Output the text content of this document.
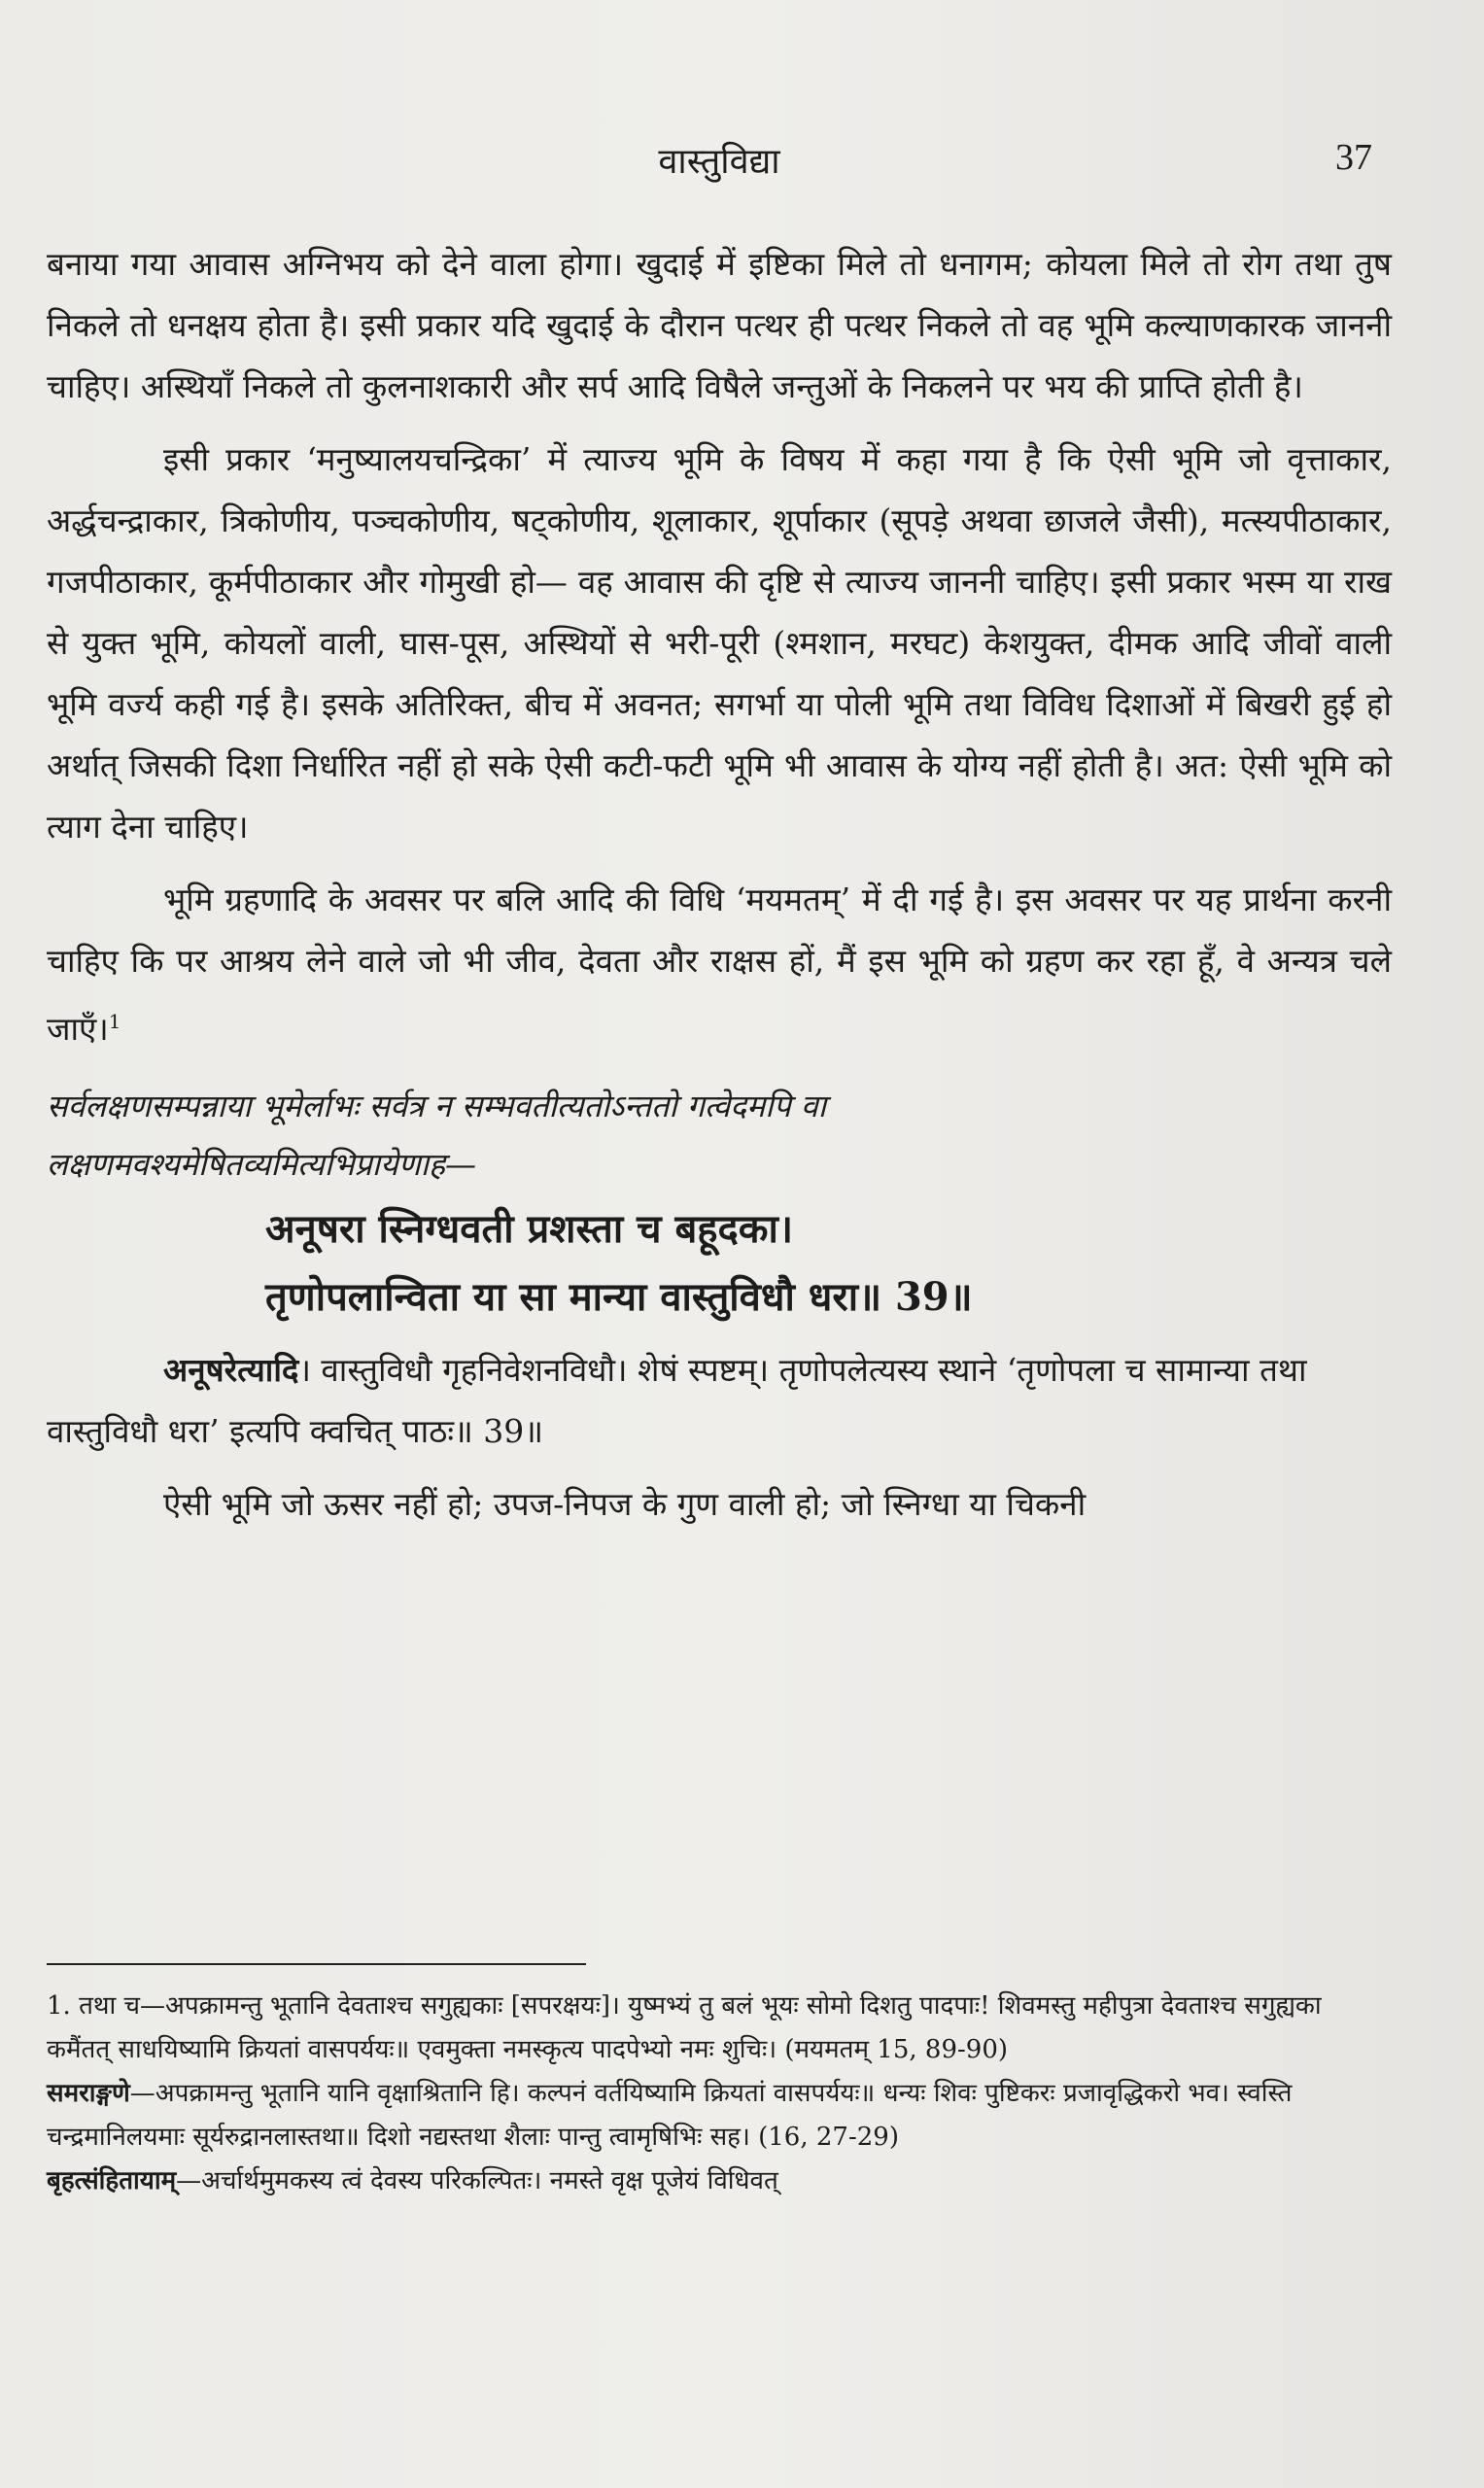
वास्तुविद्या	37

बनाया गया आवास अग्निभय को देने वाला होगा। खुदाई में इष्टिका मिले तो धनागम; कोयला मिले तो रोग तथा तुष निकले तो धनक्षय होता है। इसी प्रकार यदि खुदाई के दौरान पत्थर ही पत्थर निकले तो वह भूमि कल्याणकारक जाननी चाहिए। अस्थियाँ निकले तो कुलनाशकारी और सर्प आदि विषैले जन्तुओं के निकलने पर भय की प्राप्ति होती है।

इसी प्रकार ‘मनुष्यालयचन्द्रिका’ में त्याज्य भूमि के विषय में कहा गया है कि ऐसी भूमि जो वृत्ताकार, अर्द्धचन्द्राकार, त्रिकोणीय, पञ्चकोणीय, षट्कोणीय, शूलाकार, शूर्पाकार (सूपड़े अथवा छाजले जैसी), मत्स्यपीठाकार, गजपीठाकार, कूर्मपीठाकार और गोमुखी हो— वह आवास की दृष्टि से त्याज्य जाननी चाहिए। इसी प्रकार भस्म या राख से युक्त भूमि, कोयलों वाली, घास-पूस, अस्थियों से भरी-पूरी (श्मशान, मरघट) केशयुक्त, दीमक आदि जीवों वाली भूमि वर्ज्य कही गई है। इसके अतिरिक्त, बीच में अवनत; सगर्भा या पोली भूमि तथा विविध दिशाओं में बिखरी हुई हो अर्थात् जिसकी दिशा निर्धारित नहीं हो सके ऐसी कटी-फटी भूमि भी आवास के योग्य नहीं होती है। अत: ऐसी भूमि को त्याग देना चाहिए।

भूमि ग्रहणादि के अवसर पर बलि आदि की विधि ‘मयमतम्’ में दी गई है। इस अवसर पर यह प्रार्थना करनी चाहिए कि पर आश्रय लेने वाले जो भी जीव, देवता और राक्षस हों, मैं इस भूमि को ग्रहण कर रहा हूँ, वे अन्यत्र चले जाएँ।$^1$

सर्वलक्षणसम्पन्नाया भूमेर्लाभः सर्वत्र न सम्भवतीत्यतोऽन्ततो गत्वेदमपि वा
लक्षणमवश्यमेषितव्यमित्यभिप्रायेणाह—

अनूषरा स्निग्धवती प्रशस्ता च बहूदका।

तृणोपलान्विता या सा मान्या वास्तुविधौ धरा॥ 39॥

अनूषरेत्यादि। वास्तुविधौ गृहनिवेशनविधौ। शेषं स्पष्टम्। तृणोपलेत्यस्य स्थाने ‘तृणोपला च सामान्या तथा वास्तुविधौ धरा’ इत्यपि क्वचित् पाठः॥ 39॥

ऐसी भूमि जो ऊसर नहीं हो; उपज-निपज के गुण वाली हो; जो स्निग्धा या चिकनी

1. तथा च—अपक्रामन्तु भूतानि देवताश्च सगुह्यकाः [सपरक्षयः]। युष्मभ्यं तु बलं भूयः सोमो दिशतु पादपाः! शिवमस्तु महीपुत्रा देवताश्च सगुह्यका कमैंतत् साधयिष्यामि क्रियतां वासपर्ययः॥ एवमुक्ता नमस्कृत्य पादपेभ्यो नमः शुचिः। (मयमतम् 15, 89-90)

समराङ्गणे—अपक्रामन्तु भूतानि यानि वृक्षाश्रितानि हि। कल्पनं वर्तयिष्यामि क्रियतां वासपर्ययः॥ धन्यः शिवः पुष्टिकरः प्रजावृद्धिकरो भव। स्वस्ति चन्द्रमानिलयमाः सूर्यरुद्रानलास्तथा॥ दिशो नद्यस्तथा शैलाः पान्तु त्वामृषिभिः सह। (16, 27-29)

बृहत्संहितायाम्—अर्चार्थमुमकस्य त्वं देवस्य परिकल्पितः। नमस्ते वृक्ष पूजेयं विधिवत्
